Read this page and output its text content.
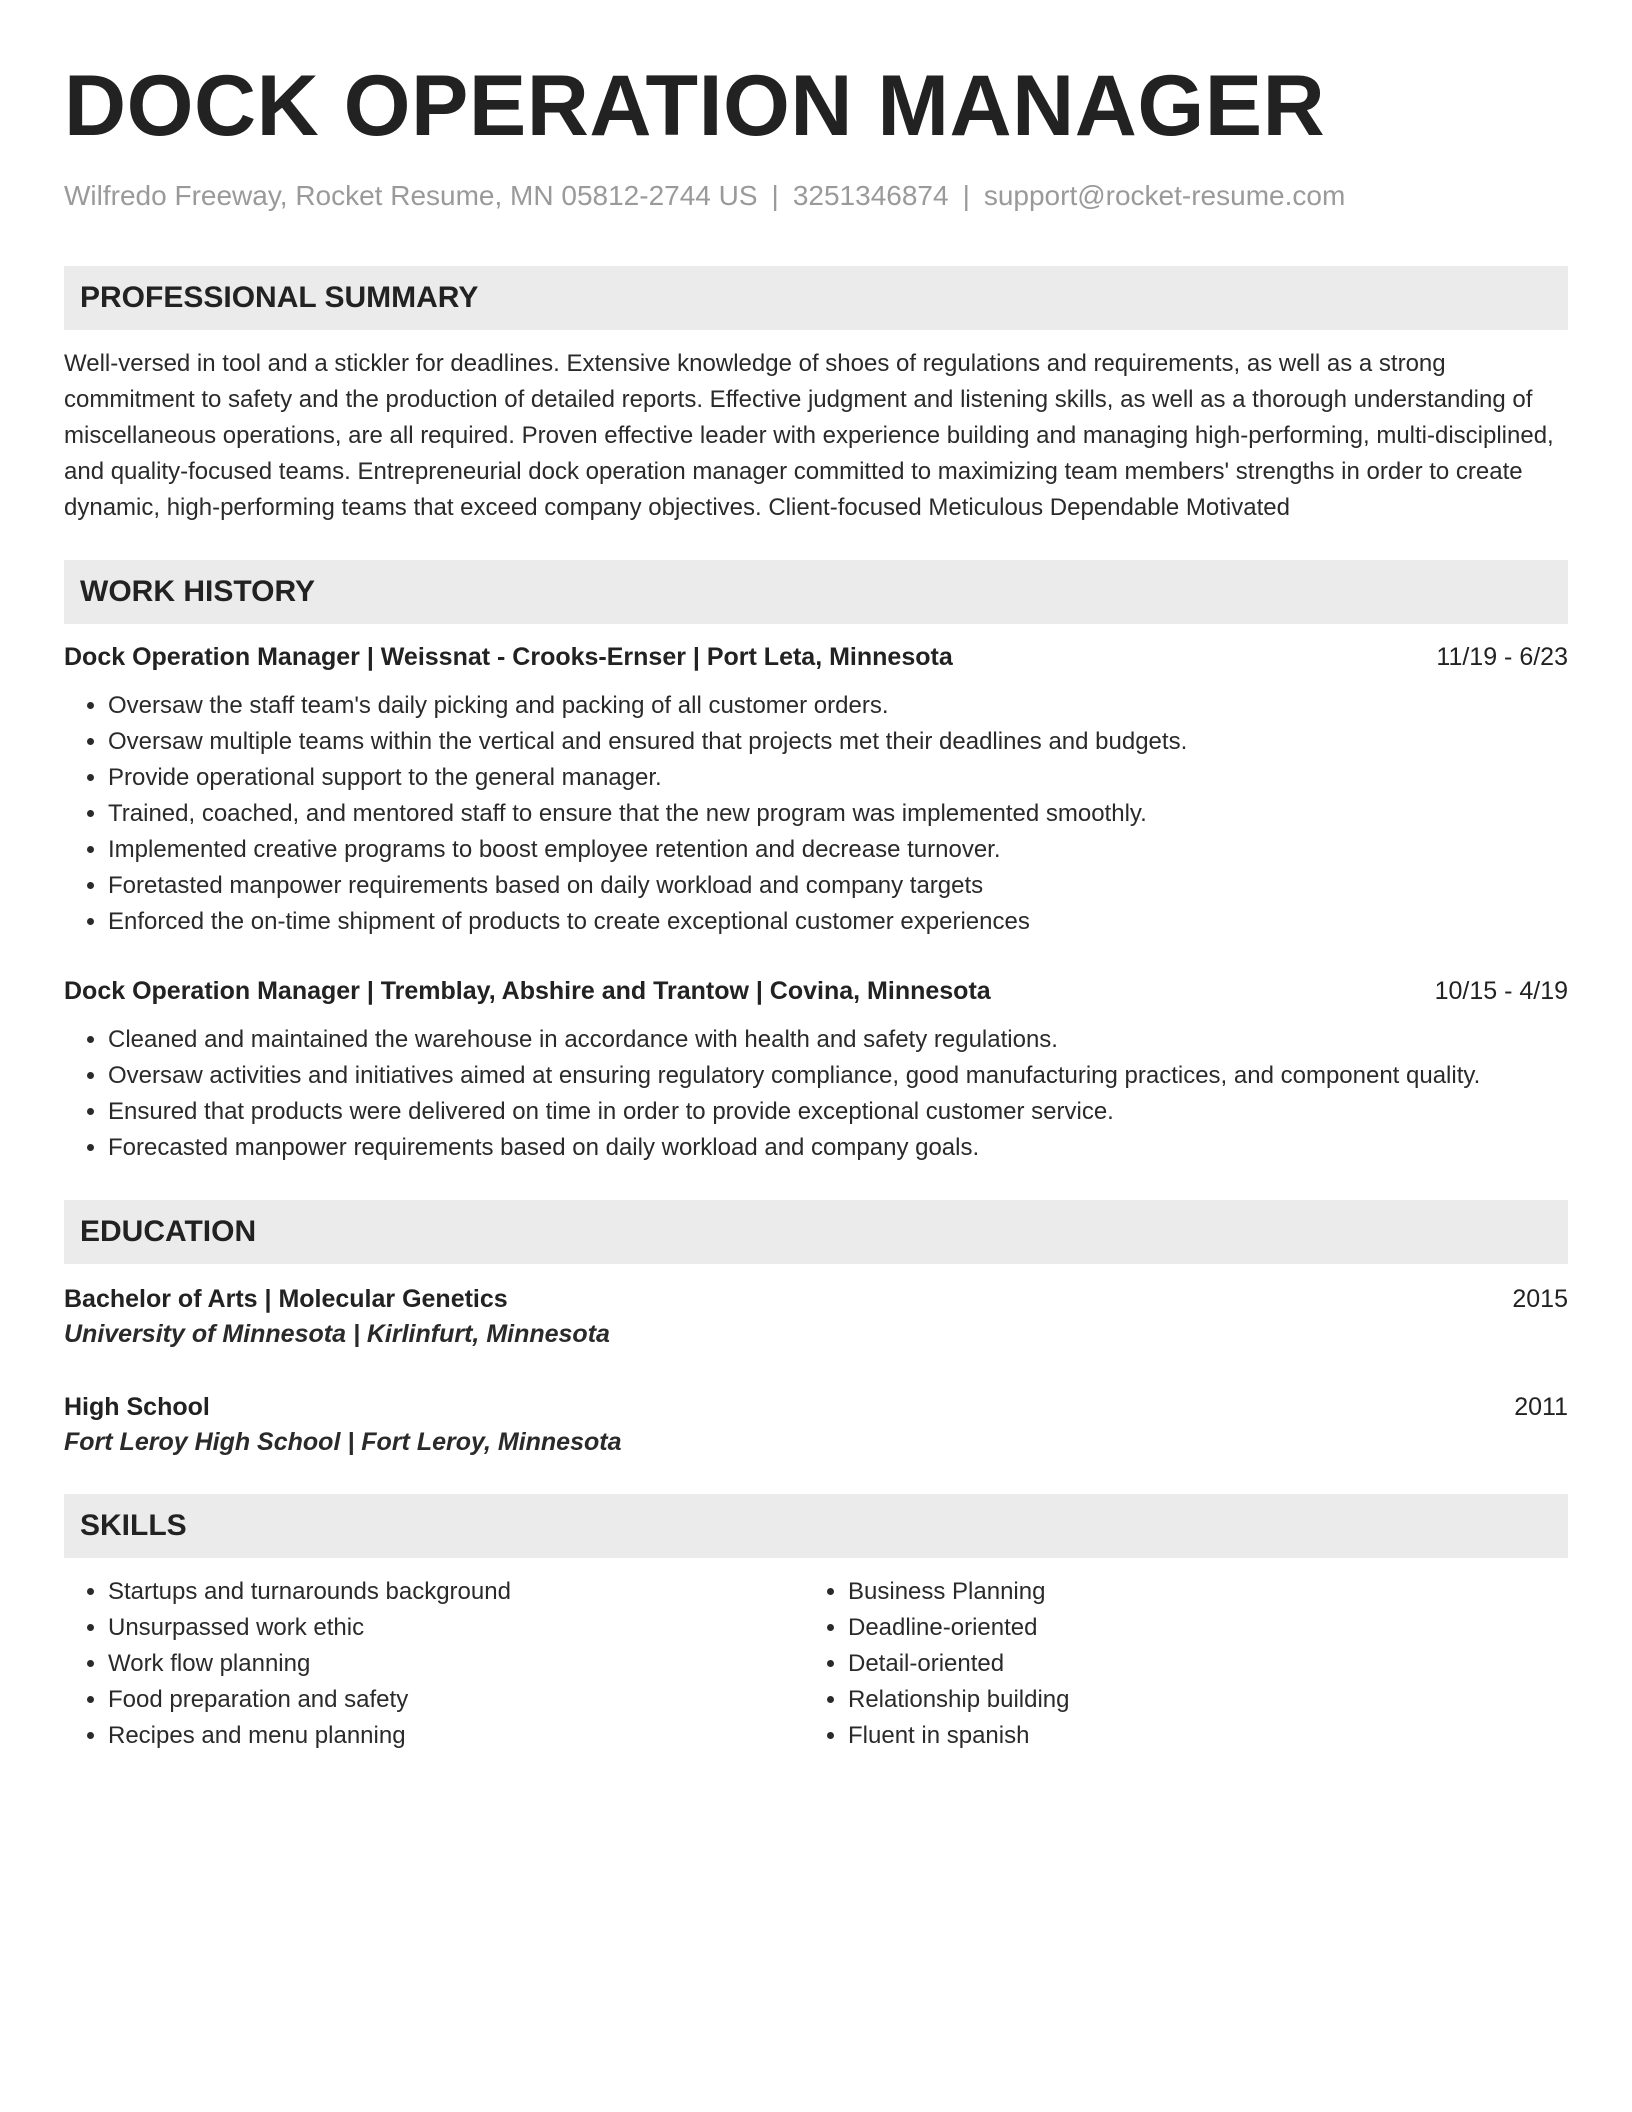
DOCK OPERATION MANAGER
Wilfredo Freeway, Rocket Resume, MN 05812-2744 US | 3251346874 | support@rocket-resume.com
PROFESSIONAL SUMMARY
Well-versed in tool and a stickler for deadlines. Extensive knowledge of shoes of regulations and requirements, as well as a strong commitment to safety and the production of detailed reports. Effective judgment and listening skills, as well as a thorough understanding of miscellaneous operations, are all required. Proven effective leader with experience building and managing high-performing, multi-disciplined, and quality-focused teams. Entrepreneurial dock operation manager committed to maximizing team members' strengths in order to create dynamic, high-performing teams that exceed company objectives. Client-focused Meticulous Dependable Motivated
WORK HISTORY
Dock Operation Manager | Weissnat - Crooks-Ernser | Port Leta, Minnesota	11/19 - 6/23
• Oversaw the staff team's daily picking and packing of all customer orders.
• Oversaw multiple teams within the vertical and ensured that projects met their deadlines and budgets.
• Provide operational support to the general manager.
• Trained, coached, and mentored staff to ensure that the new program was implemented smoothly.
• Implemented creative programs to boost employee retention and decrease turnover.
• Foretasted manpower requirements based on daily workload and company targets
• Enforced the on-time shipment of products to create exceptional customer experiences
Dock Operation Manager | Tremblay, Abshire and Trantow | Covina, Minnesota	10/15 - 4/19
• Cleaned and maintained the warehouse in accordance with health and safety regulations.
• Oversaw activities and initiatives aimed at ensuring regulatory compliance, good manufacturing practices, and component quality.
• Ensured that products were delivered on time in order to provide exceptional customer service.
• Forecasted manpower requirements based on daily workload and company goals.
EDUCATION
Bachelor of Arts | Molecular Genetics	2015
University of Minnesota | Kirlinfurt, Minnesota
High School	2011
Fort Leroy High School | Fort Leroy, Minnesota
SKILLS
• Startups and turnarounds background
• Unsurpassed work ethic
• Work flow planning
• Food preparation and safety
• Recipes and menu planning
• Business Planning
• Deadline-oriented
• Detail-oriented
• Relationship building
• Fluent in spanish
